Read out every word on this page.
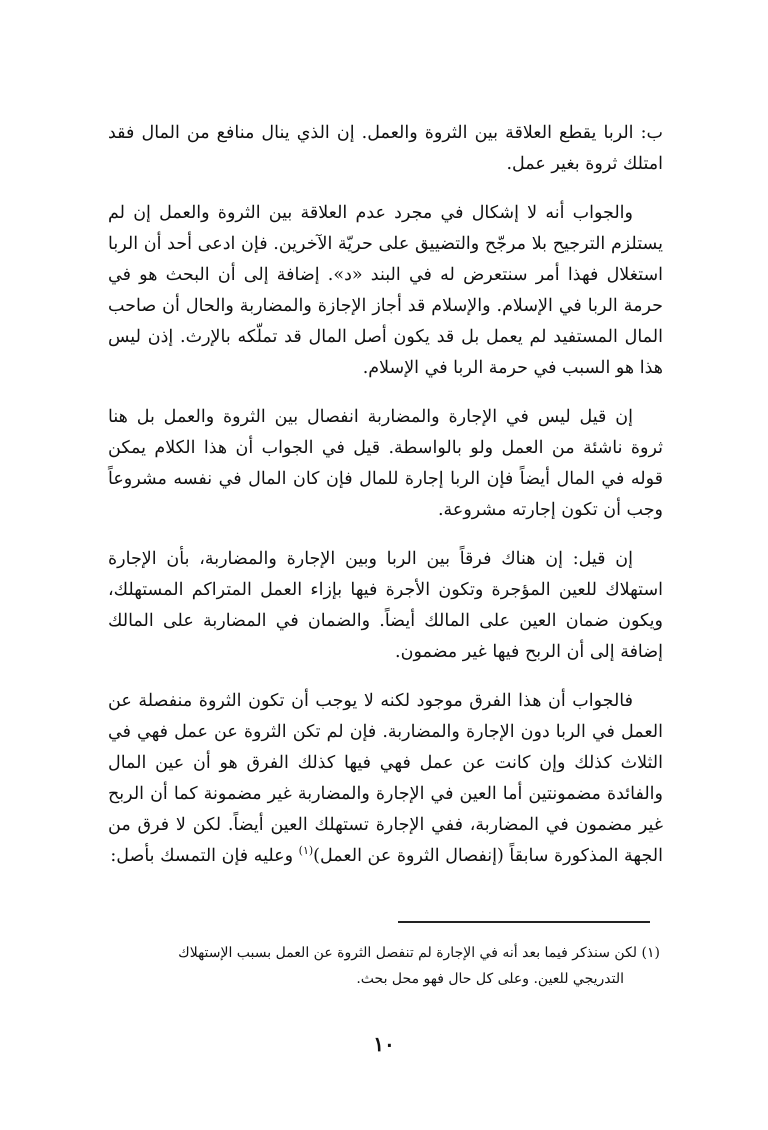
ب: الربا يقطع العلاقة بين الثروة والعمل. إن الذي ينال منافع من المال فقد امتلك ثروة بغير عمل.

والجواب أنه لا إشكال في مجرد عدم العلاقة بين الثروة والعمل إن لم يستلزم الترجيح بلا مرجّح والتضييق على حريّة الآخرين. فإن ادعى أحد أن الربا استغلال فهذا أمر سنتعرض له في البند «د». إضافة إلى أن البحث هو في حرمة الربا في الإسلام. والإسلام قد أجاز الإجازة والمضاربة والحال أن صاحب المال المستفيد لم يعمل بل قد يكون أصل المال قد تملّكه بالإرث. إذن ليس هذا هو السبب في حرمة الربا في الإسلام.

إن قيل ليس في الإجارة والمضاربة انفصال بين الثروة والعمل بل هنا ثروة ناشئة من العمل ولو بالواسطة. قيل في الجواب أن هذا الكلام يمكن قوله في المال أيضاً فإن الربا إجارة للمال فإن كان المال في نفسه مشروعاً وجب أن تكون إجارته مشروعة.

إن قيل: إن هناك فرقاً بين الربا وبين الإجارة والمضاربة، بأن الإجارة استهلاك للعين المؤجرة وتكون الأجرة فيها بإزاء العمل المتراكم المستهلك، ويكون ضمان العين على المالك أيضاً. والضمان في المضاربة على المالك إضافة إلى أن الربح فيها غير مضمون.

فالجواب أن هذا الفرق موجود لكنه لا يوجب أن تكون الثروة منفصلة عن العمل في الربا دون الإجارة والمضاربة. فإن لم تكن الثروة عن عمل فهي في الثلاث كذلك وإن كانت عن عمل فهي فيها كذلك الفرق هو أن عين المال والفائدة مضمونتين أما العين في الإجارة والمضاربة غير مضمونة كما أن الربح غير مضمون في المضاربة، ففي الإجارة تستهلك العين أيضاً. لكن لا فرق من الجهة المذكورة سابقاً (إنفصال الثروة عن العمل)$^{(١)}$ وعليه فإن التمسك بأصل:

(١) لكن سنذكر فيما بعد أنه في الإجارة لم تنفصل الثروة عن العمل بسبب الإستهلاك
التدريجي للعين. وعلى كل حال فهو محل بحث.
١٠
